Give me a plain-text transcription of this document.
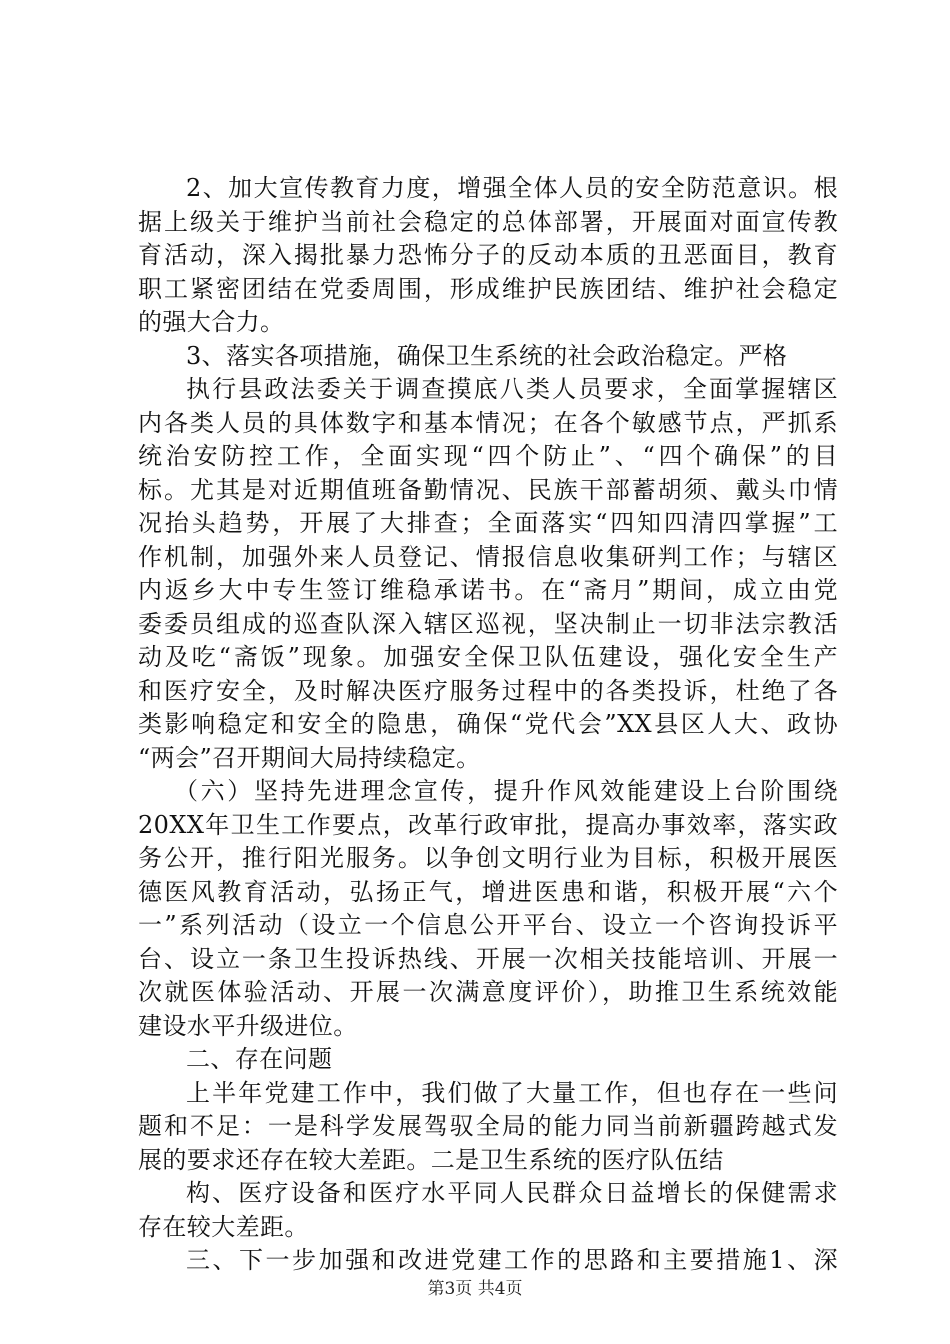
2、加大宣传教育力度，增强全体人员的安全防范意识。根
据上级关于维护当前社会稳定的总体部署，开展面对面宣传教
育活动，深入揭批暴力恐怖分子的反动本质的丑恶面目，教育
职工紧密团结在党委周围，形成维护民族团结、维护社会稳定
的强大合力。
3、落实各项措施，确保卫生系统的社会政治稳定。严格
执行县政法委关于调查摸底八类人员要求，全面掌握辖区
内各类人员的具体数字和基本情况；在各个敏感节点，严抓系
统治安防控工作，全面实现“四个防止”、“四个确保”的目
标。尤其是对近期值班备勤情况、民族干部蓄胡须、戴头巾情
况抬头趋势，开展了大排查；全面落实“四知四清四掌握”工
作机制，加强外来人员登记、情报信息收集研判工作；与辖区
内返乡大中专生签订维稳承诺书。在“斋月”期间，成立由党
委委员组成的巡查队深入辖区巡视，坚决制止一切非法宗教活
动及吃“斋饭”现象。加强安全保卫队伍建设，强化安全生产
和医疗安全，及时解决医疗服务过程中的各类投诉，杜绝了各
类影响稳定和安全的隐患，确保“党代会”XX县区人大、政协
“两会”召开期间大局持续稳定。
（六）坚持先进理念宣传，提升作风效能建设上台阶围绕
20XX年卫生工作要点，改革行政审批，提高办事效率，落实政
务公开，推行阳光服务。以争创文明行业为目标，积极开展医
德医风教育活动，弘扬正气，增进医患和谐，积极开展“六个
一”系列活动（设立一个信息公开平台、设立一个咨询投诉平
台、设立一条卫生投诉热线、开展一次相关技能培训、开展一
次就医体验活动、开展一次满意度评价），助推卫生系统效能
建设水平升级进位。
二、存在问题
上半年党建工作中，我们做了大量工作，但也存在一些问
题和不足：一是科学发展驾驭全局的能力同当前新疆跨越式发
展的要求还存在较大差距。二是卫生系统的医疗队伍结
构、医疗设备和医疗水平同人民群众日益增长的保健需求
存在较大差距。
三、下一步加强和改进党建工作的思路和主要措施1、深
第3页 共4页
